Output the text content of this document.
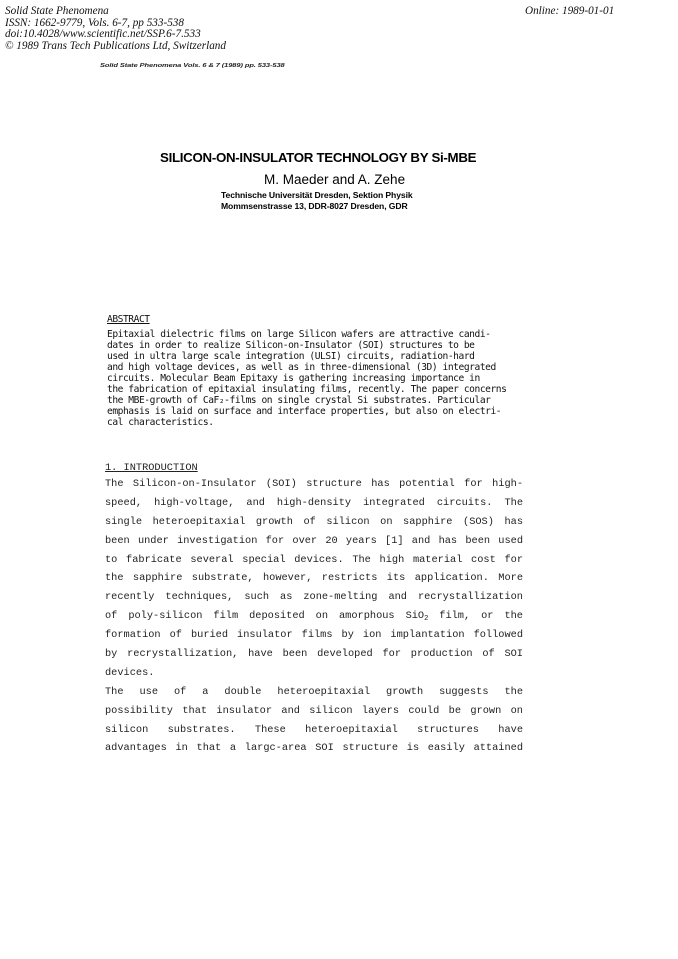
Solid State Phenomena
ISSN: 1662-9779, Vols. 6-7, pp 533-538
doi:10.4028/www.scientific.net/SSP.6-7.533
© 1989 Trans Tech Publications Ltd, Switzerland
Online: 1989-01-01
Solid State Phenomena Vols. 6 & 7 (1989) pp. 533-538
SILICON-ON-INSULATOR TECHNOLOGY BY Si-MBE
M. Maeder and A. Zehe
Technische Universität Dresden, Sektion Physik
Mommsenstrasse 13, DDR-8027 Dresden, GDR
ABSTRACT
Epitaxial dielectric films on large Silicon wafers are attractive candi-
dates in order to realize Silicon-on-Insulator (SOI) structures to be
used in ultra large scale integration (ULSI) circuits, radiation-hard
and high voltage devices, as well as in three-dimensional (3D) integrated
circuits. Molecular Beam Epitaxy is gathering increasing importance in
the fabrication of epitaxial insulating films, recently. The paper concerns
the MBE-growth of CaF₂-films on single crystal Si substrates. Particular
emphasis is laid on surface and interface properties, but also on electri-
cal characteristics.
1. INTRODUCTION
The Silicon-on-Insulator (SOI) structure has potential for high-
speed, high-voltage, and high-density integrated circuits. The
single heteroepitaxial growth of silicon on sapphire (SOS) has
been under investigation for over 20 years [1] and has been used
to fabricate several special devices. The high material cost for
the sapphire substrate, however, restricts its application. More
recently techniques, such as zone-melting and recrystallization
of poly-silicon film deposited on amorphous SiO$_2$ film, or the
formation of buried insulator films by ion implantation followed
by recrystallization, have been developed for production of SOI
devices.
The use of a double heteroepitaxial growth suggests the
possibility that insulator and silicon layers could be grown on
silicon substrates. These heteroepitaxial structures have
advantages in that a largc-area SOI structure is easily attained
